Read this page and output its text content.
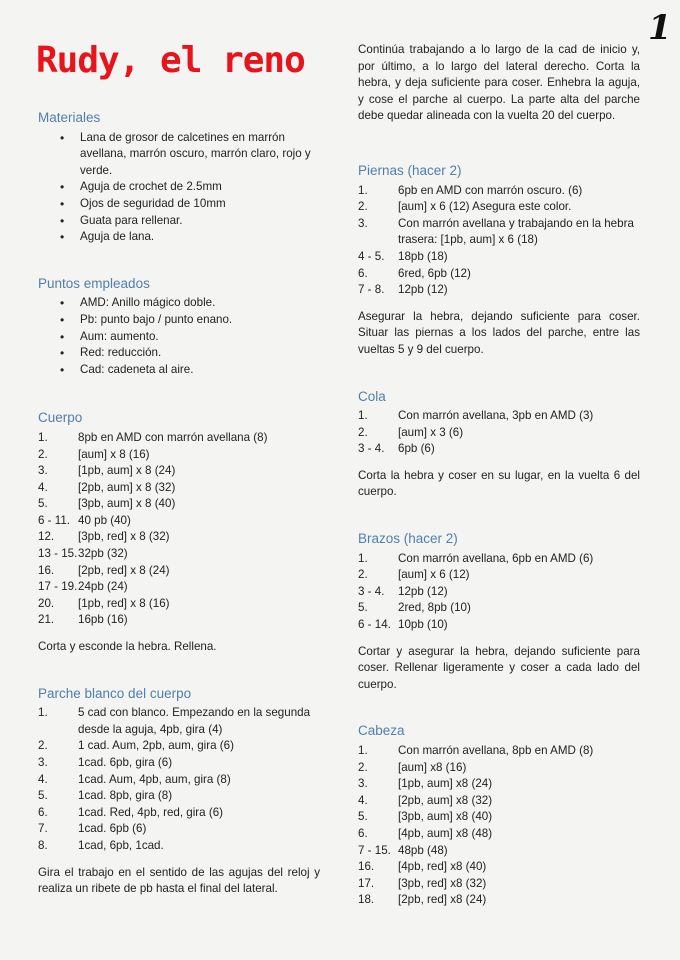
Rudy, el reno
1
Materiales
• Lana de grosor de calcetines en marrón avellana, marrón oscuro, marrón claro, rojo y verde.
• Aguja de crochet de 2.5mm
• Ojos de seguridad de 10mm
• Guata para rellenar.
• Aguja de lana.
Puntos empleados
• AMD: Anillo mágico doble.
• Pb: punto bajo / punto enano.
• Aum: aumento.
• Red: reducción.
• Cad: cadeneta al aire.
Cuerpo
1.	8pb en AMD con marrón avellana (8)
2.	[aum] x 8 (16)
3.	[1pb, aum] x 8 (24)
4.	[2pb, aum] x 8 (32)
5.	[3pb, aum] x 8 (40)
6 - 11. 40 pb (40)
12.	[3pb, red] x 8 (32)
13 - 15. 32pb (32)
16.	[2pb, red] x 8 (24)
17 - 19. 24pb (24)
20.	[1pb, red] x 8 (16)
21.	16pb (16)

Corta y esconde la hebra. Rellena.

Parche blanco del cuerpo
1.	5 cad con blanco. Empezando en la segunda desde la aguja, 4pb, gira (4)
2.	1 cad. Aum, 2pb, aum, gira (6)
3.	1cad. 6pb, gira (6)
4.	1cad. Aum, 4pb, aum, gira (8)
5.	1cad. 8pb, gira (8)
6.	1cad. Red, 4pb, red, gira (6)
7.	1cad. 6pb (6)
8.	1cad, 6pb, 1cad.

Gira el trabajo en el sentido de las agujas del reloj y realiza un ribete de pb hasta el final del lateral.

Continúa trabajando a lo largo de la cad de inicio y, por último, a lo largo del lateral derecho. Corta la hebra, y deja suficiente para coser. Enhebra la aguja, y cose el parche al cuerpo. La parte alta del parche debe quedar alineada con la vuelta 20 del cuerpo.

Piernas (hacer 2)
1.	6pb en AMD con marrón oscuro. (6)
2.	[aum] x 6 (12) Asegura este color.
3.	Con marrón avellana y trabajando en la hebra trasera: [1pb, aum] x 6 (18)
4 - 5.	18pb (18)
6.	6red, 6pb (12)
7 - 8.	12pb (12)

Asegurar la hebra, dejando suficiente para coser. Situar las piernas a los lados del parche, entre las vueltas 5 y 9 del cuerpo.

Cola
1.	Con marrón avellana, 3pb en AMD (3)
2.	[aum] x 3 (6)
3 - 4.	6pb (6)

Corta la hebra y coser en su lugar, en la vuelta 6 del cuerpo.

Brazos (hacer 2)
1.	Con marrón avellana, 6pb en AMD (6)
2.	[aum] x 6 (12)
3 - 4.	12pb (12)
5.	2red, 8pb (10)
6 - 14. 10pb (10)

Cortar y asegurar la hebra, dejando suficiente para coser. Rellenar ligeramente y coser a cada lado del cuerpo.

Cabeza
1.	Con marrón avellana, 8pb en AMD (8)
2.	[aum] x8 (16)
3.	[1pb, aum] x8 (24)
4.	[2pb, aum] x8 (32)
5.	[3pb, aum] x8 (40)
6.	[4pb, aum] x8 (48)
7 - 15. 48pb (48)
16.	[4pb, red] x8 (40)
17.	[3pb, red] x8 (32)
18.	[2pb, red] x8 (24)
